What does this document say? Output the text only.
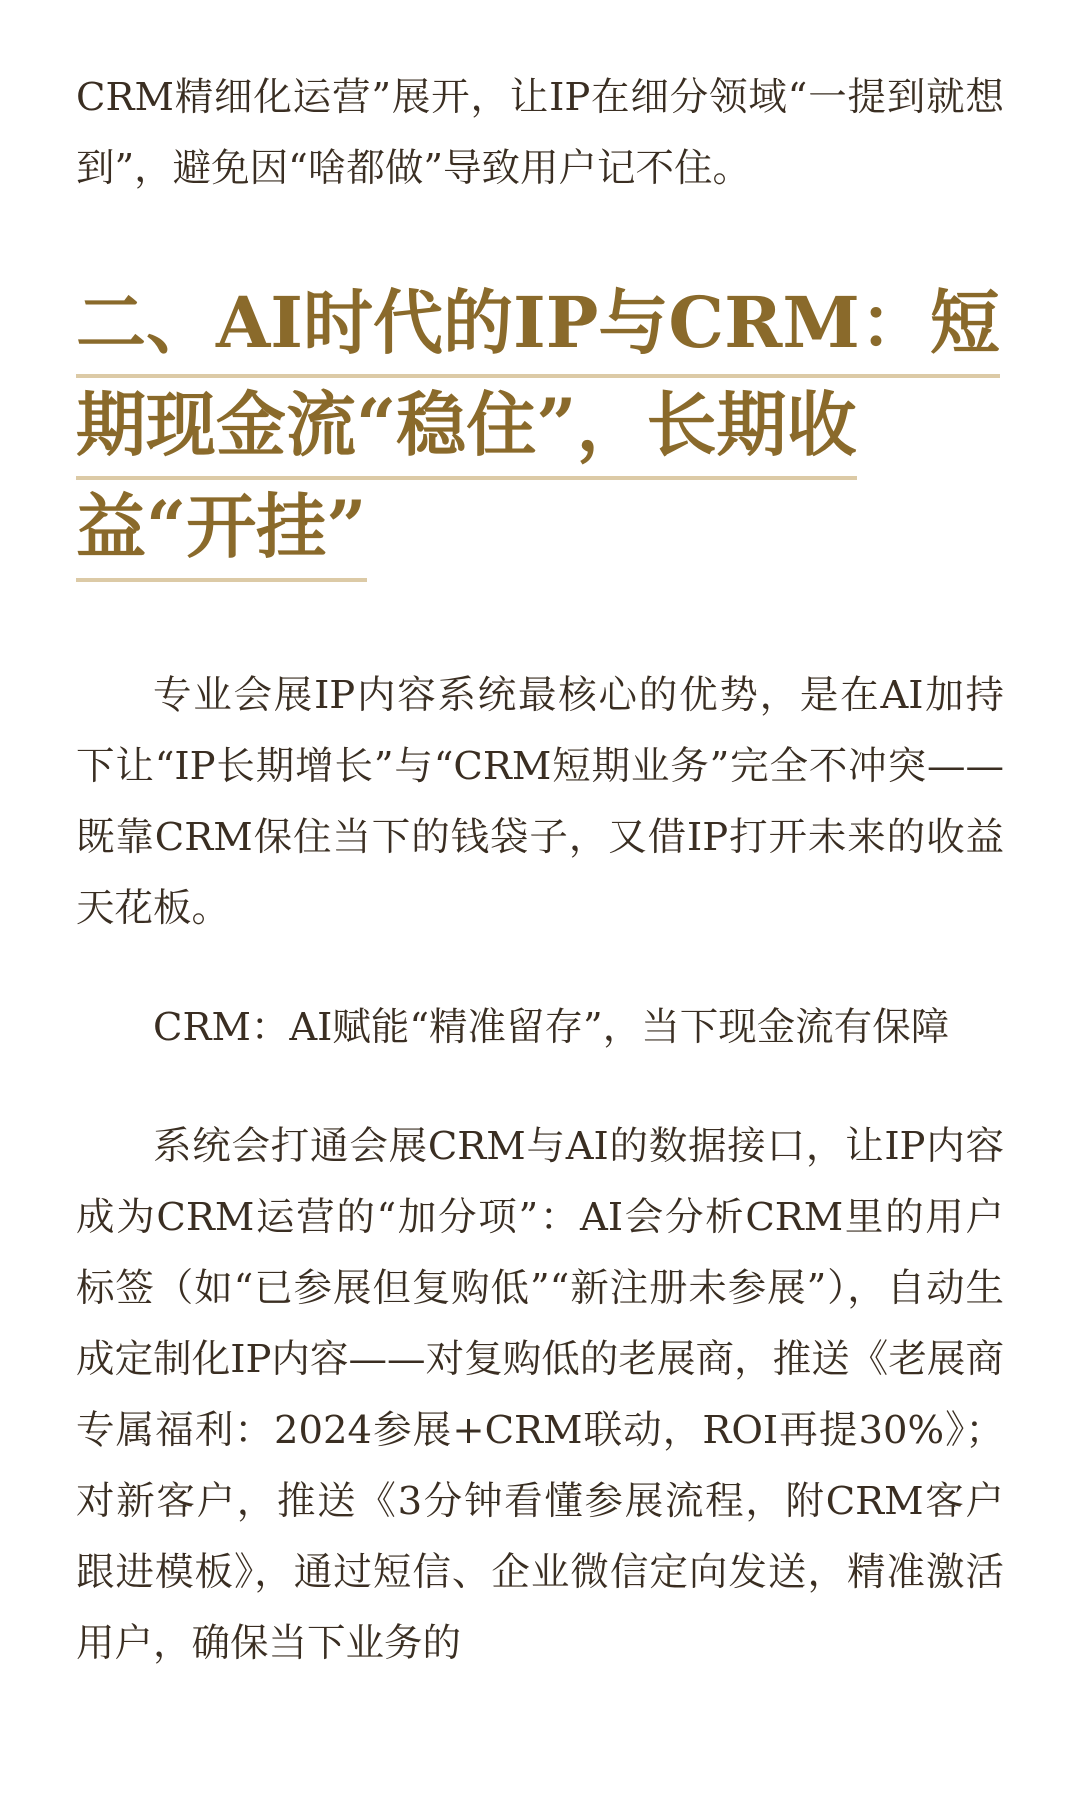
CRM精细化运营”展开，让IP在细分领域“一提到就想到”，避免因“啥都做”导致用户记不住。

二、AI时代的IP与CRM：短
期现金流“稳住”，长期收
益“开挂”

专业会展IP内容系统最核心的优势，是在AI加持下让“IP长期增长”与“CRM短期业务”完全不冲突——既靠CRM保住当下的钱袋子，又借IP打开未来的收益天花板。

CRM：AI赋能“精准留存”，当下现金流有保障

系统会打通会展CRM与AI的数据接口，让IP内容成为CRM运营的“加分项”：AI会分析CRM里的用户标签（如“已参展但复购低”“新注册未参展”），自动生成定制化IP内容——对复购低的老展商，推送《老展商专属福利：2024参展+CRM联动，ROI再提30%》；对新客户，推送《3分钟看懂参展流程，附CRM客户跟进模板》，通过短信、企业微信定向发送，精准激活用户，确保当下业务的
